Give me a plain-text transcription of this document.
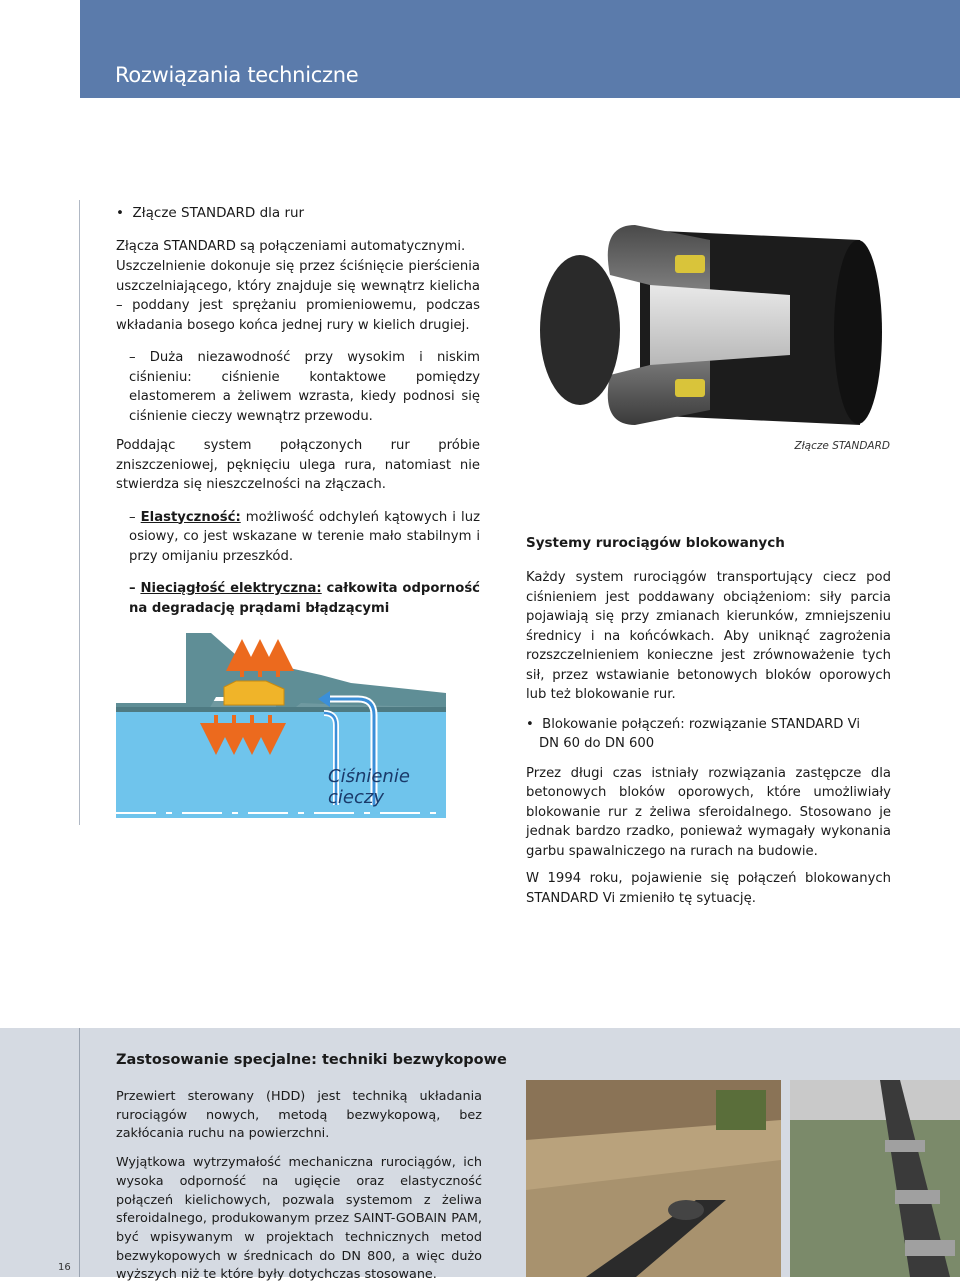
Rozwiązania techniczne

•  Złącze STANDARD dla rur

Złącza STANDARD są połączeniami automatycznymi.

Uszczelnienie dokonuje się przez ściśnięcie pierścienia uszczelniającego, który znajduje się wewnątrz kielicha – poddany jest sprężaniu promieniowemu, podczas wkładania bosego końca jednej rury w kielich drugiej.

– Duża niezawodność przy wysokim i niskim ciśnieniu: ciśnienie kontaktowe pomiędzy elastomerem a żeliwem wzrasta, kiedy podnosi się ciśnienie cieczy wewnątrz przewodu.

Poddając system połączonych rur próbie zniszczeniowej, pęknięciu ulega rura, natomiast nie stwierdza się nieszczelności na złączach.

– Elastyczność: możliwość odchyleń kątowych i luz osiowy, co jest wskazane w terenie mało stabilnym i przy omijaniu przeszkód.

– Nieciągłość elektryczna: całkowita odporność na degradację prądami błądzącymi

Ciśnienie
cieczy
Złącze STANDARD

Systemy rurociągów blokowanych

Każdy system rurociągów transportujący ciecz pod ciśnieniem jest poddawany obciążeniom: siły parcia pojawiają się przy zmianach kierunków, zmniejszeniu średnicy i na końcówkach. Aby uniknąć zagrożenia rozszczelnieniem konieczne jest zrównoważenie tych sił, przez wstawianie betonowych bloków oporowych lub też blokowanie rur.

•  Blokowanie połączeń: rozwiązanie STANDARD Vi

DN 60 do DN 600

Przez długi czas istniały rozwiązania zastępcze dla betonowych bloków oporowych, które umożliwiały blokowanie rur z żeliwa sferoidalnego. Stosowano je jednak bardzo rzadko, ponieważ wymagały wykonania garbu spawalniczego na rurach na budowie.

W 1994 roku, pojawienie się połączeń blokowanych STANDARD Vi zmieniło tę sytuację.

Zastosowanie specjalne: techniki bezwykopowe

Przewiert sterowany (HDD) jest techniką układania rurociągów nowych, metodą bezwykopową, bez zakłócania ruchu na powierzchni.

Wyjątkowa wytrzymałość mechaniczna rurociągów, ich wysoka odporność na ugięcie oraz elastyczność połączeń kielichowych, pozwala systemom z żeliwa sferoidalnego, produkowanym przez SAINT-GOBAIN PAM, być wpisywanym w projektach technicznych metod bezwykopowych w średnicach do DN 800, a więc dużo wyższych niż te które były dotychczas stosowane.

16
